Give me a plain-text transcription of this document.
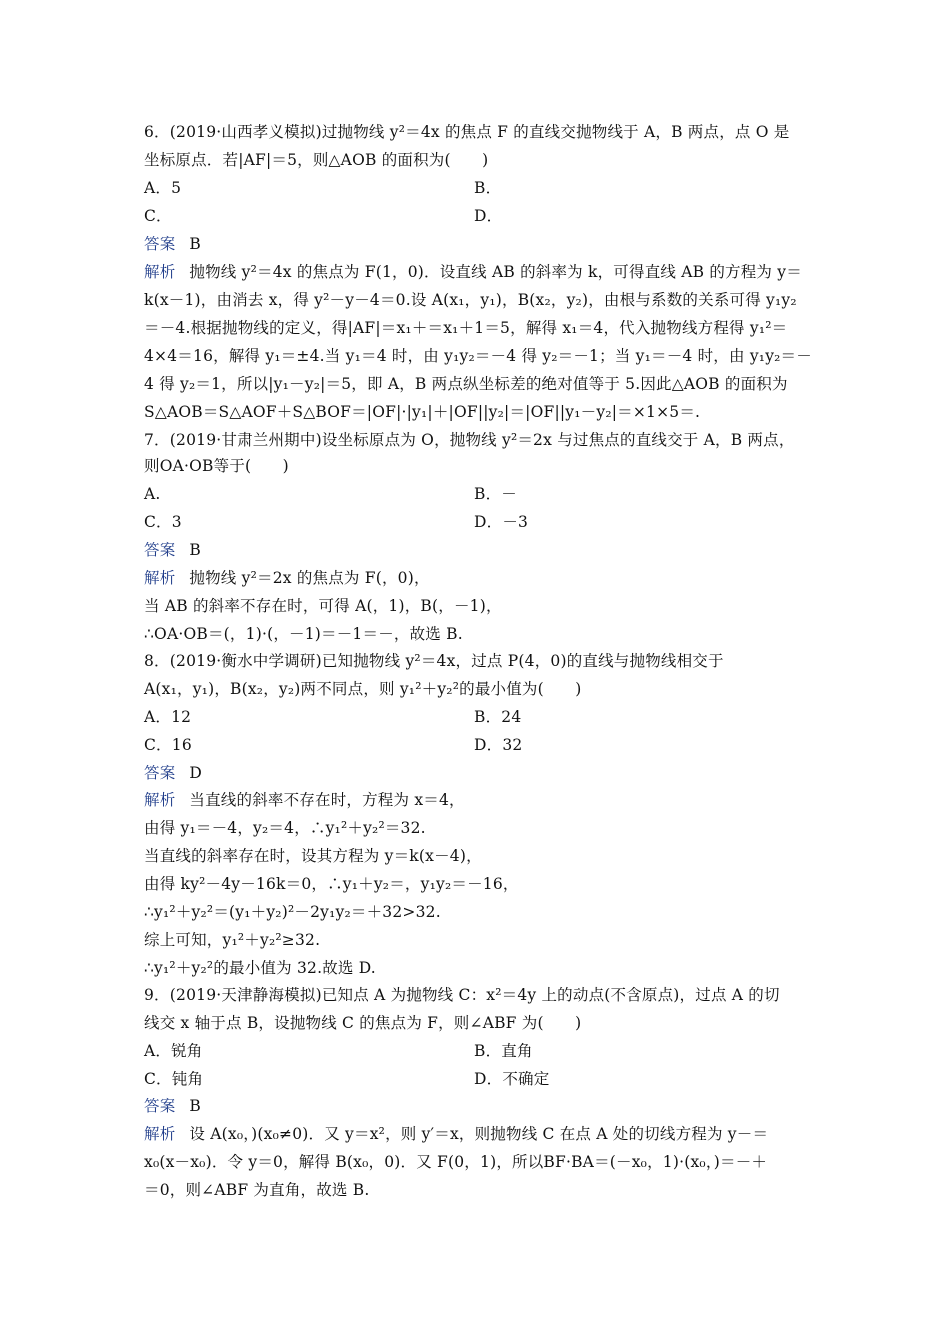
6．(2019·山西孝义模拟)过抛物线 y²＝4x 的焦点 F 的直线交抛物线于 A，B 两点，点 O 是
坐标原点．若|AF|＝5，则△AOB 的面积为(　　)
A．5	B．
C．	D．
答案 B
解析 抛物线 y²＝4x 的焦点为 F(1，0)．设直线 AB 的斜率为 k，可得直线 AB 的方程为 y＝
k(x－1)，由消去 x，得 y²－y－4＝0.设 A(x₁，y₁)，B(x₂，y₂)，由根与系数的关系可得 y₁y₂
＝－4.根据抛物线的定义，得|AF|＝x₁＋＝x₁＋1＝5，解得 x₁＝4，代入抛物线方程得 y₁²＝
4×4＝16，解得 y₁＝±4.当 y₁＝4 时，由 y₁y₂＝－4 得 y₂＝－1；当 y₁＝－4 时，由 y₁y₂＝－
4 得 y₂＝1，所以|y₁－y₂|＝5，即 A，B 两点纵坐标差的绝对值等于 5.因此△AOB 的面积为
S△AOB＝S△AOF＋S△BOF＝|OF|·|y₁|＋|OF||y₂|＝|OF||y₁－y₂|＝×1×5＝.
7．(2019·甘肃兰州期中)设坐标原点为 O，抛物线 y²＝2x 与过焦点的直线交于 A，B 两点，
则OA·OB等于(　　)
A.	B．－
C．3	D．－3
答案 B
解析 抛物线 y²＝2x 的焦点为 F(，0)，
当 AB 的斜率不存在时，可得 A(，1)，B(，－1)，
∴OA·OB＝(，1)·(，－1)＝－1＝－，故选 B.
8．(2019·衡水中学调研)已知抛物线 y²＝4x，过点 P(4，0)的直线与抛物线相交于
A(x₁，y₁)，B(x₂，y₂)两不同点，则 y₁²＋y₂²的最小值为(　　)
A．12	B．24
C．16	D．32
答案 D
解析 当直线的斜率不存在时，方程为 x＝4，
由得 y₁＝－4，y₂＝4，∴y₁²＋y₂²＝32.
当直线的斜率存在时，设其方程为 y＝k(x－4)，
由得 ky²－4y－16k＝0，∴y₁＋y₂＝，y₁y₂＝－16，
∴y₁²＋y₂²＝(y₁＋y₂)²－2y₁y₂＝＋32>32.
综上可知，y₁²＋y₂²≥32.
∴y₁²＋y₂²的最小值为 32.故选 D.
9．(2019·天津静海模拟)已知点 A 为抛物线 C：x²＝4y 上的动点(不含原点)，过点 A 的切
线交 x 轴于点 B，设抛物线 C 的焦点为 F，则∠ABF 为(　　)
A．锐角	B．直角
C．钝角	D．不确定
答案 B
解析 设 A(x₀，)(x₀≠0)．又 y＝x²，则 y′＝x，则抛物线 C 在点 A 处的切线方程为 y－＝
x₀(x－x₀)．令 y＝0，解得 B(x₀，0)．又 F(0，1)，所以BF·BA＝(－x₀，1)·(x₀，)＝－＋
＝0，则∠ABF 为直角，故选 B.
